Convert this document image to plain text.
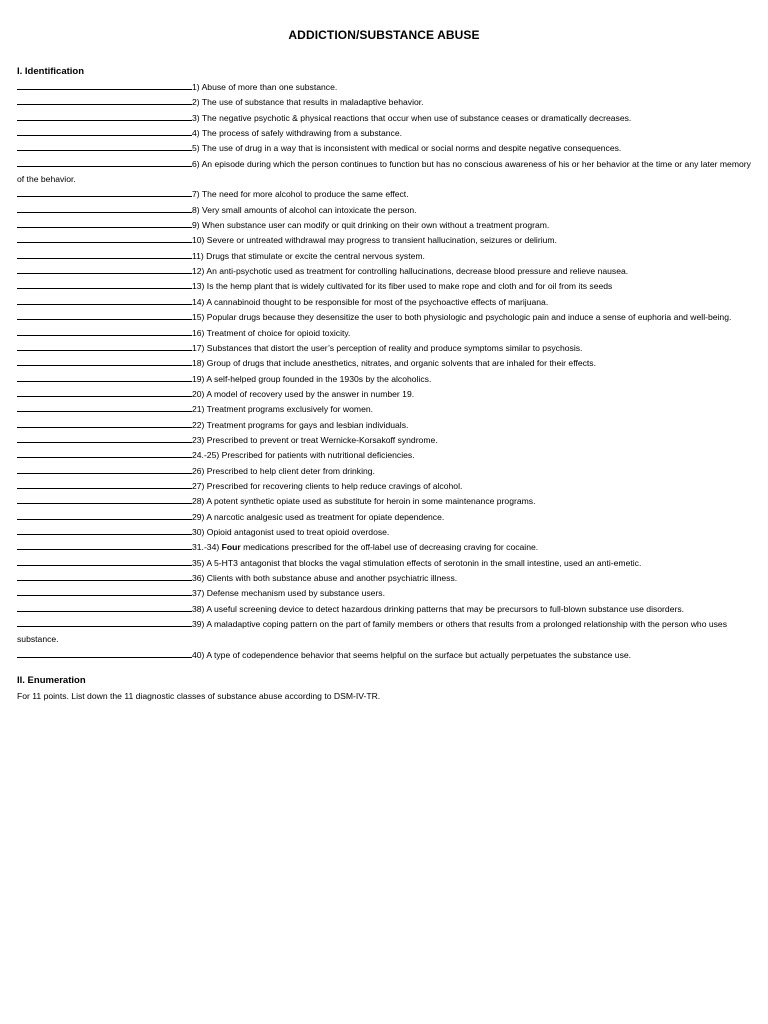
ADDICTION/SUBSTANCE ABUSE
I. Identification
1) Abuse of more than one substance.
2) The use of substance that results in maladaptive behavior.
3) The negative psychotic & physical reactions that occur when use of substance ceases or dramatically decreases.
4) The process of safely withdrawing from a substance.
5) The use of drug in a way that is inconsistent with medical or social norms and despite negative consequences.
6) An episode during which the person continues to function but has no conscious awareness of his or her behavior at the time or any later memory of the behavior.
7) The need for more alcohol to produce the same effect.
8) Very small amounts of alcohol can intoxicate the person.
9) When substance user can modify or quit drinking on their own without a treatment program.
10) Severe or untreated withdrawal may progress to transient hallucination, seizures or delirium.
11) Drugs that stimulate or excite the central nervous system.
12) An anti-psychotic used as treatment for controlling hallucinations, decrease blood pressure and relieve nausea.
13) Is the hemp plant that is widely cultivated for its fiber used to make rope and cloth and for oil from its seeds
14) A cannabinoid thought to be responsible for most of the psychoactive effects of marijuana.
15) Popular drugs because they desensitize the user to both physiologic and psychologic pain and induce a sense of euphoria and well-being.
16) Treatment of choice for opioid toxicity.
17) Substances that distort the user’s perception of reality and produce symptoms similar to psychosis.
18) Group of drugs that include anesthetics, nitrates, and organic solvents that are inhaled for their effects.
19) A self-helped group founded in the 1930s by the alcoholics.
20) A model of recovery used by the answer in number 19.
21) Treatment programs exclusively for women.
22) Treatment programs for gays and lesbian individuals.
23) Prescribed to prevent or treat Wernicke-Korsakoff syndrome.
24.-25) Prescribed for patients with nutritional deficiencies.
26) Prescribed to help client deter from drinking.
27) Prescribed for recovering clients to help reduce cravings of alcohol.
28) A potent synthetic opiate used as substitute for heroin in some maintenance programs.
29) A narcotic analgesic used as treatment for opiate dependence.
30) Opioid antagonist used to treat opioid overdose.
31.-34) Four medications prescribed for the off-label use of decreasing craving for cocaine.
35) A 5-HT3 antagonist that blocks the vagal stimulation effects of serotonin in the small intestine, used an anti-emetic.
36) Clients with both substance abuse and another psychiatric illness.
37) Defense mechanism used by substance users.
38) A useful screening device to detect hazardous drinking patterns that may be precursors to full-blown substance use disorders.
39) A maladaptive coping pattern on the part of family members or others that results from a prolonged relationship with the person who uses substance.
40) A type of codependence behavior that seems helpful on the surface but actually perpetuates the substance use.
II. Enumeration
For 11 points. List down the 11 diagnostic classes of substance abuse according to DSM-IV-TR.
